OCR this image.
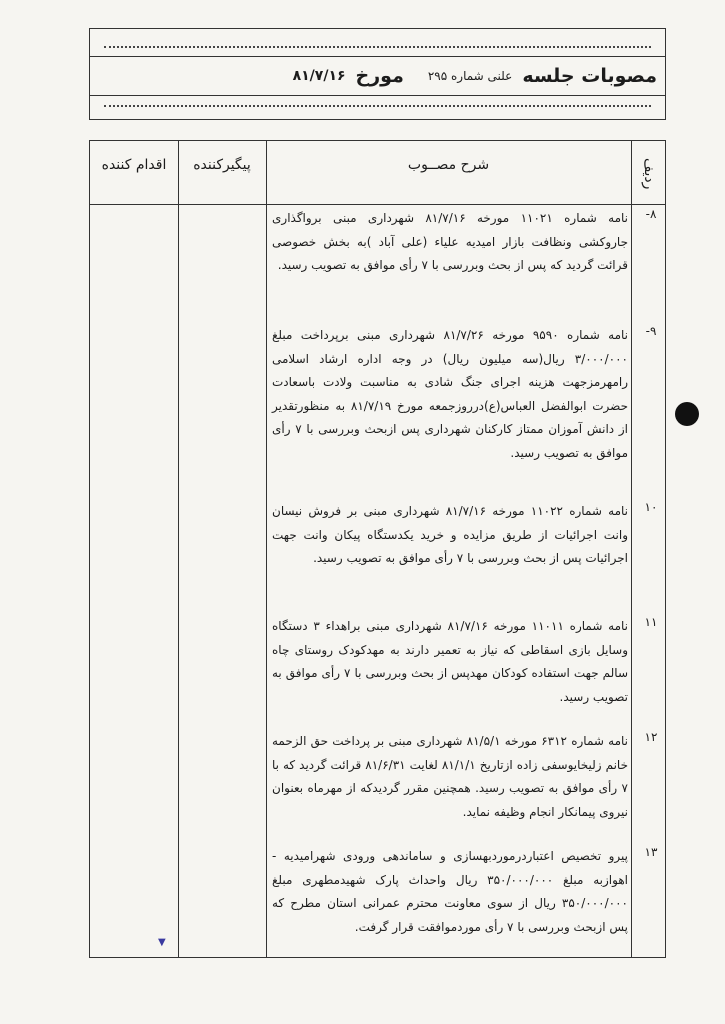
مصوبات جلسه
علنی شماره ۲۹۵
مورخ
۸۱/۷/۱۶
اقدام کننده	پیگیرکننده	شرح مصــوب	ردیف
-۸
نامه شماره ۱۱۰۲۱ مورخه ۸۱/۷/۱۶ شهرداری مبنی برواگذاری جاروکشی ونظافت بازار امیدیه علیاء (علی آباد )به بخش خصوصی قرائت گردید که پس از بحث وبررسی با ۷ رأی موافق به تصویب رسید.
-۹
نامه شماره ۹۵۹۰ مورخه ۸۱/۷/۲۶ شهرداری مبنی برپرداخت مبلغ ۳/۰۰۰/۰۰۰ ریال(سه میلیون ریال) در وجه اداره ارشاد اسلامی رامهرمزجهت هزینه اجرای جنگ شادی به مناسبت ولادت باسعادت حضرت ابوالفضل العباس(ع)درروزجمعه مورخ ۸۱/۷/۱۹ به منظورتقدیر از دانش آموزان ممتاز کارکنان شهرداری پس ازبحث وبررسی با ۷ رأی موافق به تصویب رسید.
۱۰
نامه شماره ۱۱۰۲۲ مورخه ۸۱/۷/۱۶ شهرداری مبنی بر فروش نیسان وانت اجرائیات از طریق مزایده و خرید یکدستگاه پیکان وانت جهت اجرائیات پس از بحث وبررسی با ۷ رأی موافق به تصویب رسید.
۱۱
نامه شماره ۱۱۰۱۱ مورخه ۸۱/۷/۱۶ شهرداری مبنی براهداء ۳ دستگاه وسایل بازی اسقاطی که نیاز به تعمیر دارند به مهدکودک روستای چاه سالم جهت استفاده کودکان مهدپس از بحث وبررسی با ۷ رأی موافق به تصویب رسید.
۱۲
نامه شماره ۶۳۱۲ مورخه ۸۱/۵/۱ شهرداری مبنی بر پرداخت حق الزحمه خانم زلیخایوسفی زاده ازتاریخ ۸۱/۱/۱ لغایت ۸۱/۶/۳۱ قرائت گردید که با ۷ رأی موافق به تصویب رسید. همچنین مقرر گردیدکه از مهرماه بعنوان نیروی پیمانکار انجام وظیفه نماید.
۱۳
پیرو تخصیص اعتباردرموردبهسازی و ساماندهی ورودی شهرامیدیه - اهوازبه مبلغ ۳۵۰/۰۰۰/۰۰۰ ریال واحداث پارک شهیدمطهری مبلغ ۳۵۰/۰۰۰/۰۰۰ ریال از سوی معاونت محترم عمرانی استان مطرح که پس ازبحث وبررسی با ۷ رأی موردموافقت قرار گرفت.
▼
